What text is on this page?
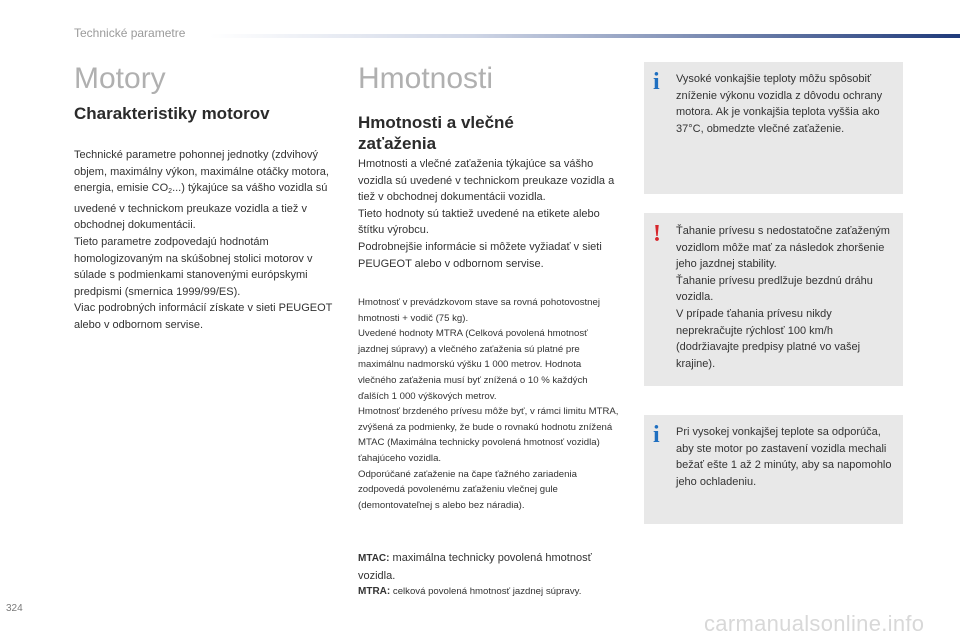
Technické parametre

Motory
Charakteristiky motorov

Technické parametre pohonnej jednotky (zdvihový objem, maximálny výkon, maximálne otáčky motora, energia, emisie $CO_2$...) týkajúce sa vášho vozidla sú uvedené v technickom preukaze vozidla a tiež v obchodnej dokumentácii.
Tieto parametre zodpovedajú hodnotám homologizovaným na skúšobnej stolici motorov v súlade s podmienkami stanovenými európskymi predpismi (smernica 1999/99/ES).
Viac podrobných informácií získate v sieti PEUGEOT alebo v odbornom servise.

Hmotnosti
Hmotnosti a vlečné zaťaženia
Hmotnosti a vlečné zaťaženia týkajúce sa vášho vozidla sú uvedené v technickom preukaze vozidla a tiež v obchodnej dokumentácii vozidla.
Tieto hodnoty sú taktiež uvedené na etikete alebo štítku výrobcu.
Podrobnejšie informácie si môžete vyžiadať v sieti PEUGEOT alebo v odbornom servise.
Hmotnosť v prevádzkovom stave sa rovná pohotovostnej hmotnosti + vodič (75 kg).
Uvedené hodnoty MTRA (Celková povolená hmotnosť jazdnej súpravy) a vlečného zaťaženia sú platné pre maximálnu nadmorskú výšku 1 000 metrov. Hodnota vlečného zaťaženia musí byť znížená o 10 % každých ďalších 1 000 výškových metrov.
Hmotnosť brzdeného prívesu môže byť, v rámci limitu MTRA, zvýšená za podmienky, že bude o rovnakú hodnotu znížená MTAC (Maximálna technicky povolená hmotnosť vozidla) ťahajúceho vozidla.
Odporúčané zaťaženie na čape ťažného zariadenia zodpovedá povolenému zaťaženiu vlečnej gule (demontovateľnej s alebo bez náradia).

MTAC: maximálna technicky povolená hmotnosť vozidla.

MTRA: celková povolená hmotnosť jazdnej súpravy.

i Vysoké vonkajšie teploty môžu spôsobiť zníženie výkonu vozidla z dôvodu ochrany motora. Ak je vonkajšia teplota vyššia ako 37°C, obmedzte vlečné zaťaženie.
! Ťahanie prívesu s nedostatočne zaťaženým vozidlom môže mať za následok zhoršenie jeho jazdnej stability.
Ťahanie prívesu predlžuje bezdnú dráhu vozidla.
V prípade ťahania prívesu nikdy neprekračujte rýchlosť 100 km/h (dodržiavajte predpisy platné vo vašej krajine).
i Pri vysokej vonkajšej teplote sa odporúča, aby ste motor po zastavení vozidla mechali bežať ešte 1 až 2 minúty, aby sa napomohlo jeho ochladeniu.

324

carmanualsonline.info
